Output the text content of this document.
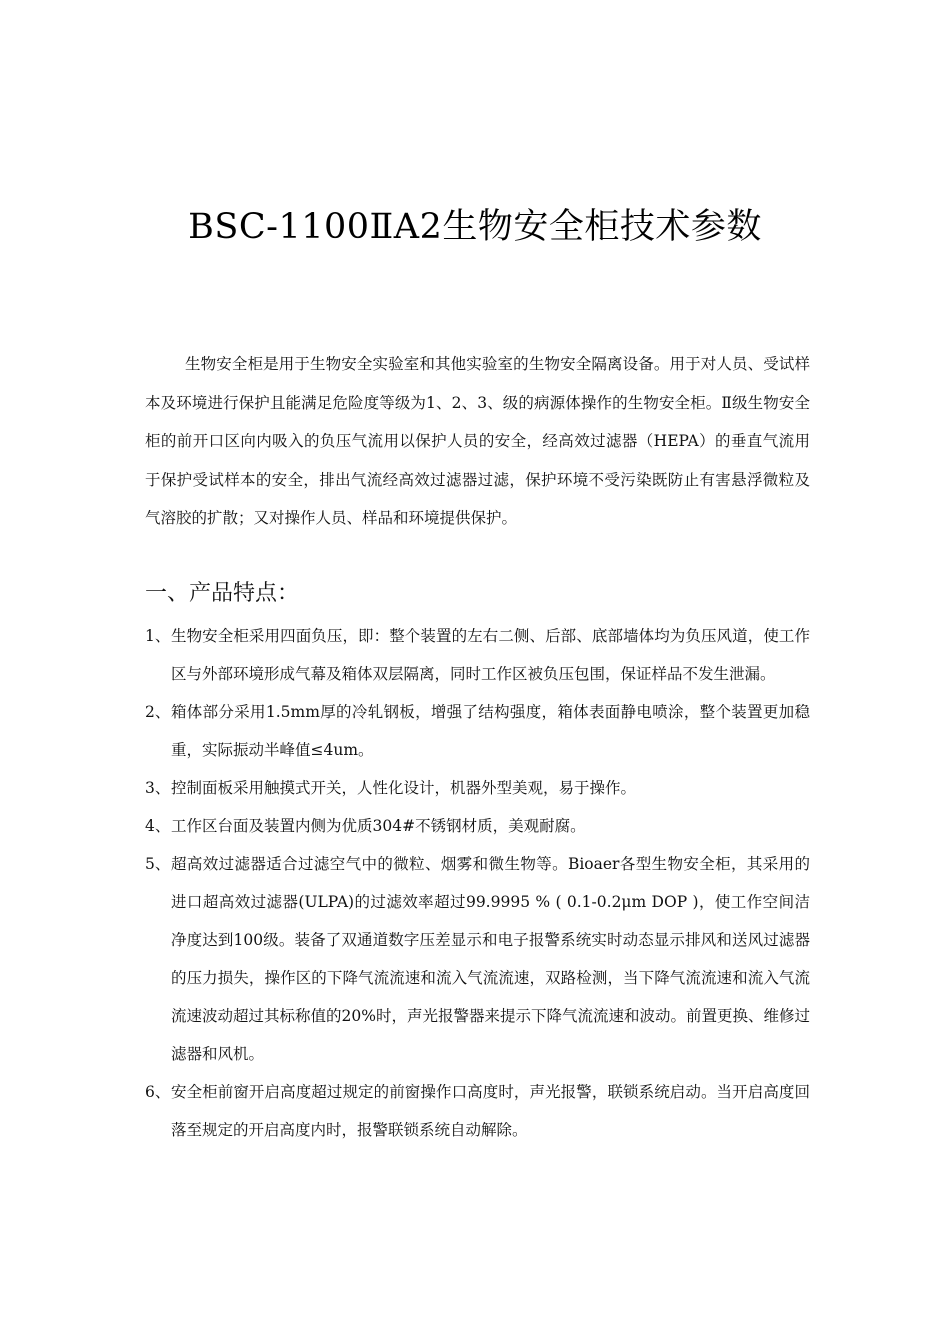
BSC-1100ⅡA2生物安全柜技术参数

生物安全柜是用于生物安全实验室和其他实验室的生物安全隔离设备。用于对人员、受试样本及环境进行保护且能满足危险度等级为1、2、3、级的病源体操作的生物安全柜。Ⅱ级生物安全柜的前开口区向内吸入的负压气流用以保护人员的安全，经高效过滤器（HEPA）的垂直气流用于保护受试样本的安全，排出气流经高效过滤器过滤，保护环境不受污染既防止有害悬浮微粒及气溶胶的扩散；又对操作人员、样品和环境提供保护。

一、产品特点：
1、 生物安全柜采用四面负压，即：整个装置的左右二侧、后部、底部墙体均为负压风道，使工作区与外部环境形成气幕及箱体双层隔离，同时工作区被负压包围，保证样品不发生泄漏。
2、 箱体部分采用1.5mm厚的冷轧钢板，增强了结构强度，箱体表面静电喷涂，整个装置更加稳重，实际振动半峰值≤4um。
3、 控制面板采用触摸式开关，人性化设计，机器外型美观，易于操作。
4、 工作区台面及装置内侧为优质304#不锈钢材质，美观耐腐。
5、 超高效过滤器适合过滤空气中的微粒、烟雾和微生物等。Bioaer各型生物安全柜，其采用的进口超高效过滤器(ULPA)的过滤效率超过99.9995 % ( 0.1-0.2μm DOP )，使工作空间洁净度达到100级。装备了双通道数字压差显示和电子报警系统实时动态显示排风和送风过滤器的压力损失，操作区的下降气流流速和流入气流流速，双路检测，当下降气流流速和流入气流流速波动超过其标称值的20%时，声光报警器来提示下降气流流速和波动。前置更换、维修过滤器和风机。
6、 安全柜前窗开启高度超过规定的前窗操作口高度时，声光报警，联锁系统启动。当开启高度回落至规定的开启高度内时，报警联锁系统自动解除。
